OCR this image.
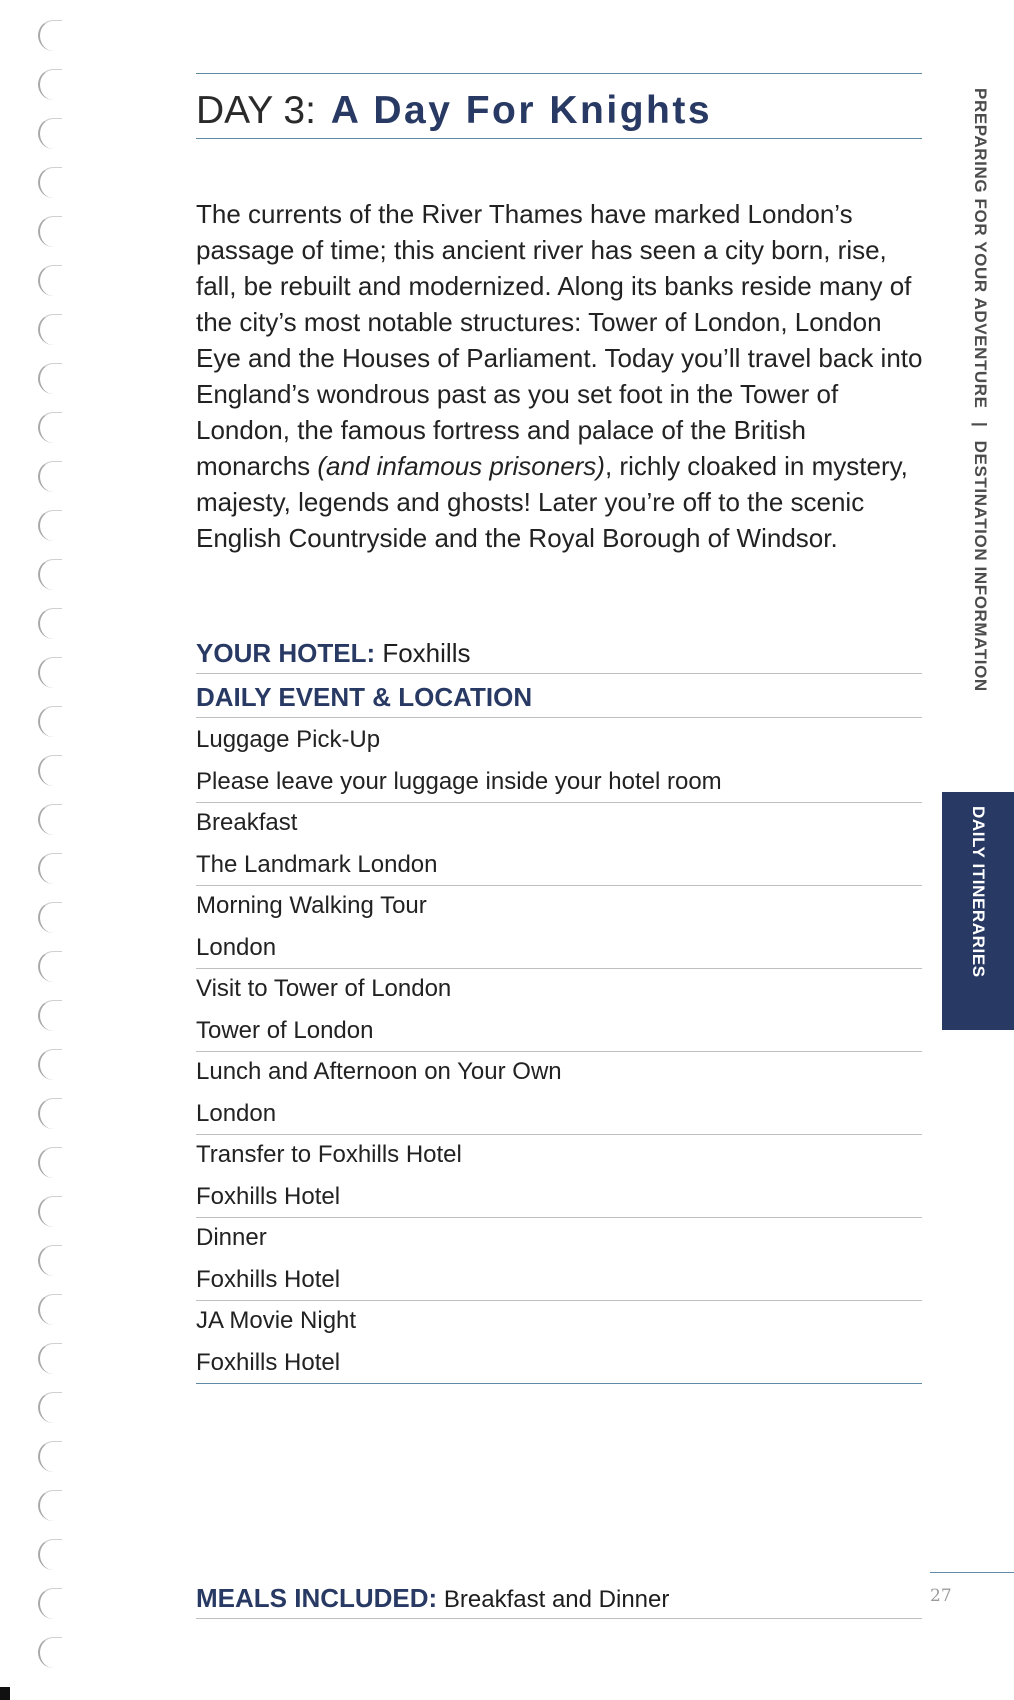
DAY 3: A Day For Knights

The currents of the River Thames have marked London’s passage of time; this ancient river has seen a city born, rise, fall, be rebuilt and modernized. Along its banks reside many of the city’s most notable structures: Tower of London, London Eye and the Houses of Parliament. Today you’ll travel back into England’s wondrous past as you set foot in the Tower of London, the famous fortress and palace of the British monarchs (and infamous prisoners), richly cloaked in mystery, majesty, legends and ghosts! Later you’re off to the scenic English Countryside and the Royal Borough of Windsor.

YOUR HOTEL: Foxhills
DAILY EVENT & LOCATION
Luggage Pick-Up
Please leave your luggage inside your hotel room
Breakfast
The Landmark London
Morning Walking Tour
London
Visit to Tower of London
Tower of London
Lunch and Afternoon on Your Own
London
Transfer to Foxhills Hotel
Foxhills Hotel
Dinner
Foxhills Hotel
JA Movie Night
Foxhills Hotel
MEALS INCLUDED: Breakfast and Dinner
PREPARING FOR YOUR ADVENTURE | DESTINATION INFORMATION
DAILY ITINERARIES
27
